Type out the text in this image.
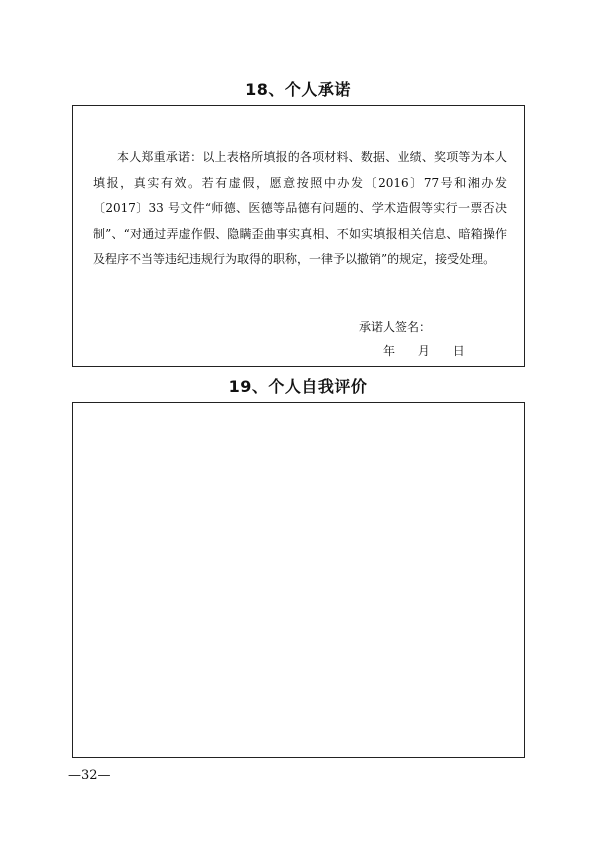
18、个人承诺
本人郑重承诺：以上表格所填报的各项材料、数据、业绩、奖项等为本人填报，真实有效。若有虚假，愿意按照中办发〔2016〕77号和湘办发〔2017〕33 号文件“师德、医德等品德有问题的、学术造假等实行一票否决制”、“对通过弄虚作假、隐瞒歪曲事实真相、不如实填报相关信息、暗箱操作及程序不当等违纪违规行为取得的职称，一律予以撤销”的规定，接受处理。
承诺人签名：
年      月      日
19、个人自我评价
—32—
